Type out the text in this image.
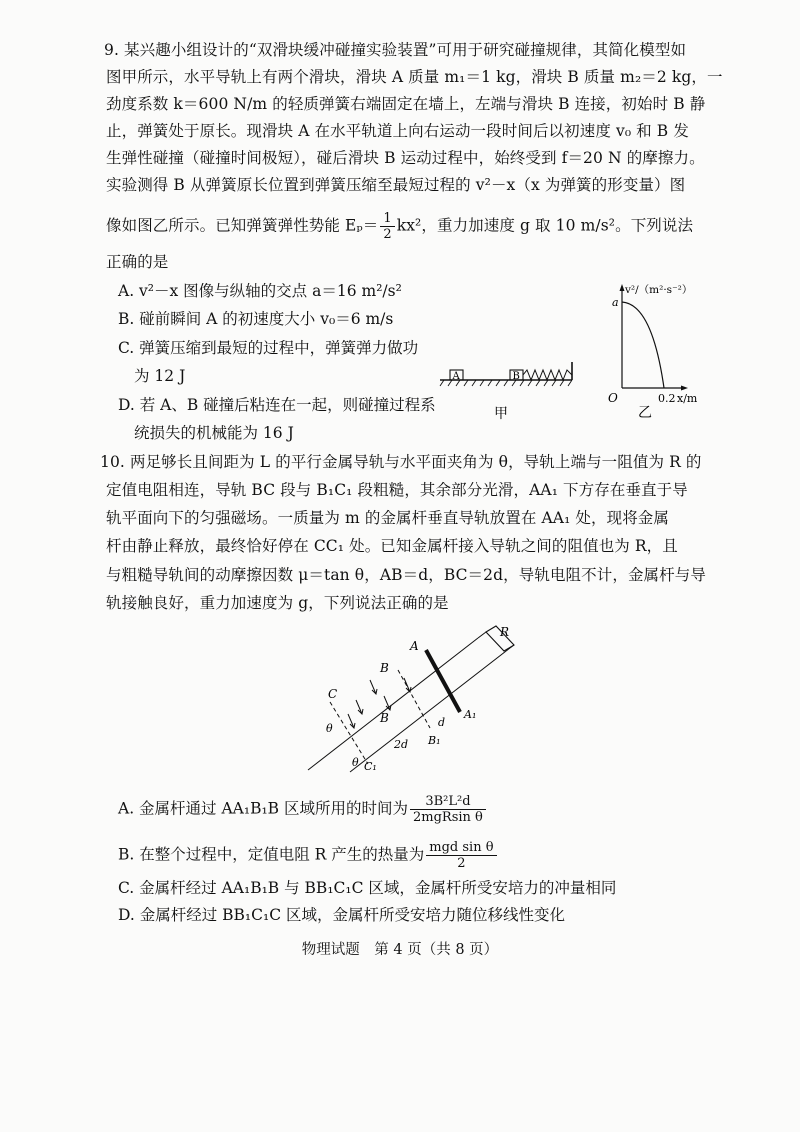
9. 某兴趣小组设计的“双滑块缓冲碰撞实验装置”可用于研究碰撞规律，其简化模型如
图甲所示，水平导轨上有两个滑块，滑块 A 质量 m₁＝1 kg，滑块 B 质量 m₂＝2 kg，一
劲度系数 k＝600 N/m 的轻质弹簧右端固定在墙上，左端与滑块 B 连接，初始时 B 静
止，弹簧处于原长。现滑块 A 在水平轨道上向右运动一段时间后以初速度 v₀ 和 B 发
生弹性碰撞（碰撞时间极短），碰后滑块 B 运动过程中，始终受到 f＝20 N 的摩擦力。
实验测得 B 从弹簧原长位置到弹簧压缩至最短过程的 v²－x（x 为弹簧的形变量）图
像如图乙所示。已知弹簧弹性势能 $E_p= \frac{1}{2} kx^2$，重力加速度 g 取 10 m/s²。下列说法
正确的是
A. v²－x 图像与纵轴的交点 a＝16 m²/s²
B. 碰前瞬间 A 的初速度大小 v₀＝6 m/s
C. 弹簧压缩到最短的过程中，弹簧弹力做功
为 12 J
D. 若 A、B 碰撞后粘连在一起，则碰撞过程系
统损失的机械能为 16 J
A	B
甲
v²/（m²·s⁻²）
a
O	0.2 x/m
乙
10. 两足够长且间距为 L 的平行金属导轨与水平面夹角为 θ，导轨上端与一阻值为 R 的
定值电阻相连，导轨 BC 段与 B₁C₁ 段粗糙，其余部分光滑，AA₁ 下方存在垂直于导
轨平面向下的匀强磁场。一质量为 m 的金属杆垂直导轨放置在 AA₁ 处，现将金属
杆由静止释放，最终恰好停在 CC₁ 处。已知金属杆接入导轨之间的阻值也为 R，且
与粗糙导轨间的动摩擦因数 μ＝tan θ，AB＝d，BC＝2d，导轨电阻不计，金属杆与导
轨接触良好，重力加速度为 g，下列说法正确的是
R
B
B
A
A₁
C
B₁
C₁
d
2d
θ
θ
A. 金属杆通过 AA₁B₁B 区域所用的时间为 $\frac{\text{3B²L²d}}{\text{2mgRsin θ}}$
B. 在整个过程中，定值电阻 R 产生的热量为 $\frac{\text{mgd sin θ}}{2}$
C. 金属杆经过 AA₁B₁B 与 BB₁C₁C 区域，金属杆所受安培力的冲量相同
D. 金属杆经过 BB₁C₁C 区域，金属杆所受安培力随位移线性变化
物理试题　第 4 页（共 8 页）
